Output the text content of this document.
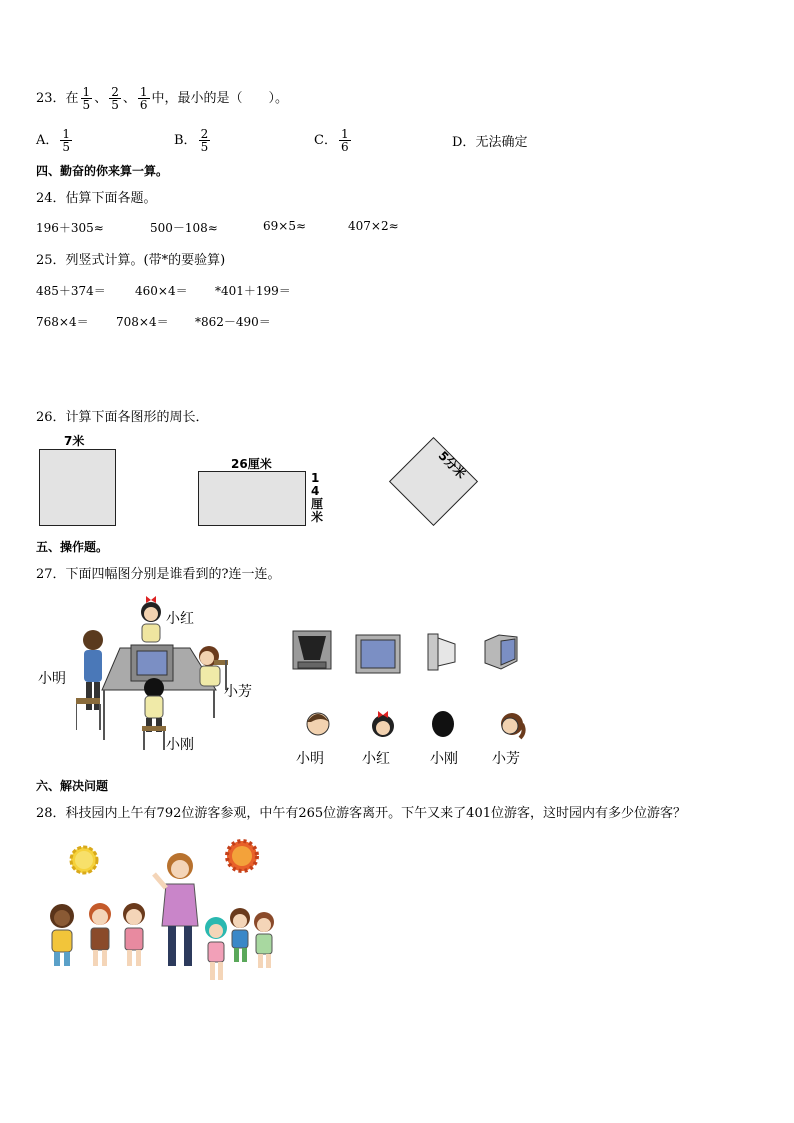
23．在 $\frac{1}{5}$ 、 $\frac{2}{5}$ 、 $\frac{1}{6}$ 中，最小的是（　　）。
A． $\frac{1}{5}$	B． $\frac{2}{5}$	C． $\frac{1}{6}$	D．无法确定
四、勤奋的你来算一算。
24．估算下面各题。
196＋305≈	500－108≈	69×5≈	407×2≈
25．列竖式计算。(带*的要验算)
485＋374＝ 460×4＝ *401＋199＝
768×4＝ 708×4＝ *862－490＝
26．计算下面各图形的周长．
7米
26厘米
14厘米
5分米
五、操作题。
27．下面四幅图分别是谁看到的?连一连。
小红
小明
小芳
小刚
小明	小红	小刚 小芳
六、解决问题
28．科技园内上午有792位游客参观，中午有265位游客离开。下午又来了401位游客，这时园内有多少位游客？
